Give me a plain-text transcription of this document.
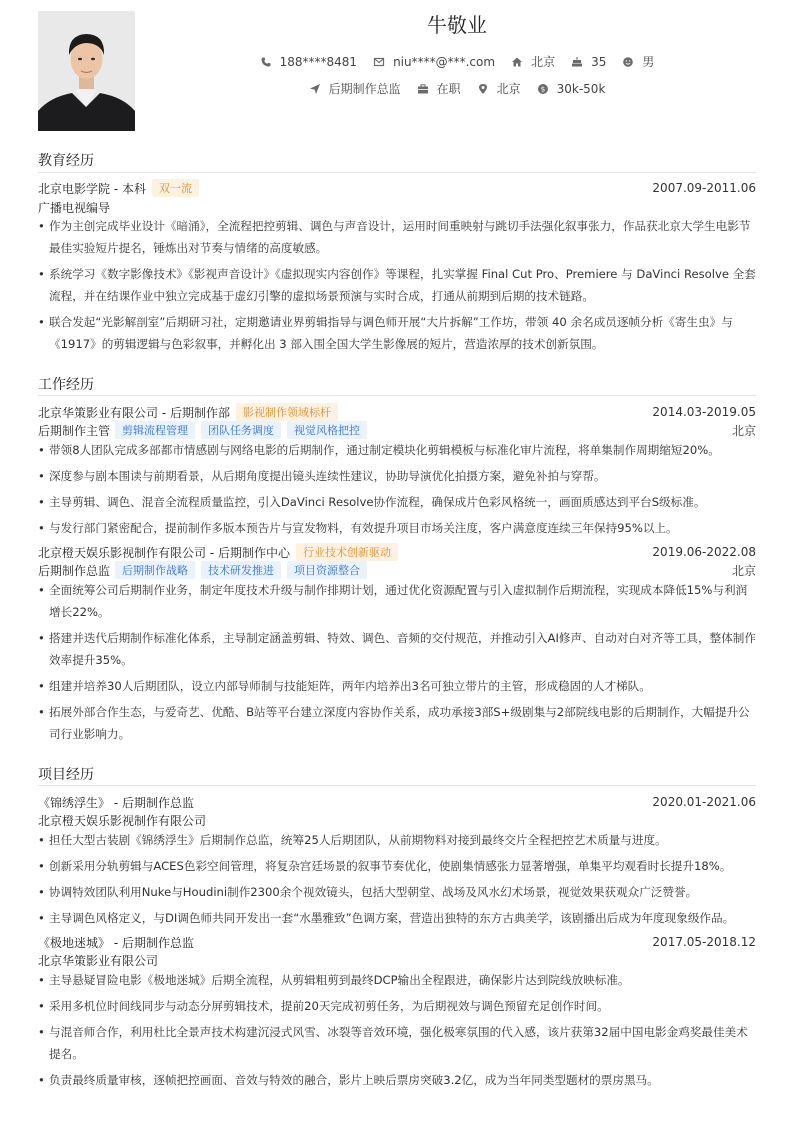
牛敬业
188****8481	niu****@***.com	北京	35	男
后期制作总监	在职	北京	$ 30k-50k
教育经历
北京电影学院 - 本科	双一流	2007.09-2011.06
广播电视编导
• 作为主创完成毕业设计《暗涌》，全流程把控剪辑、调色与声音设计，运用时间重映射与跳切手法强化叙事张力，作品获北京大学生电影节最佳实验短片提名，锤炼出对节奏与情绪的高度敏感。
• 系统学习《数字影像技术》《影视声音设计》《虚拟现实内容创作》等课程，扎实掌握 Final Cut Pro、Premiere 与 DaVinci Resolve 全套流程，并在结课作业中独立完成基于虚幻引擎的虚拟场景预演与实时合成，打通从前期到后期的技术链路。
• 联合发起“光影解剖室”后期研习社，定期邀请业界剪辑指导与调色师开展“大片拆解”工作坊，带领 40 余名成员逐帧分析《寄生虫》与《1917》的剪辑逻辑与色彩叙事，并孵化出 3 部入围全国大学生影像展的短片，营造浓厚的技术创新氛围。
工作经历
北京华策影业有限公司 - 后期制作部	影视制作领域标杆	2014.03-2019.05
后期制作主管	剪辑流程管理	团队任务调度	视觉风格把控	北京
• 带领8人团队完成多部都市情感剧与网络电影的后期制作，通过制定模块化剪辑模板与标准化审片流程，将单集制作周期缩短20%。
• 深度参与剧本围读与前期看景，从后期角度提出镜头连续性建议，协助导演优化拍摄方案，避免补拍与穿帮。
• 主导剪辑、调色、混音全流程质量监控，引入DaVinci Resolve协作流程，确保成片色彩风格统一，画面质感达到平台S级标准。
• 与发行部门紧密配合，提前制作多版本预告片与宣发物料，有效提升项目市场关注度，客户满意度连续三年保持95%以上。
北京橙天娱乐影视制作有限公司 - 后期制作中心	行业技术创新驱动	2019.06-2022.08
后期制作总监	后期制作战略	技术研发推进	项目资源整合	北京
• 全面统筹公司后期制作业务，制定年度技术升级与制作排期计划，通过优化资源配置与引入虚拟制作后期流程，实现成本降低15%与利润增长22%。
• 搭建并迭代后期制作标准化体系，主导制定涵盖剪辑、特效、调色、音频的交付规范，并推动引入AI修声、自动对白对齐等工具，整体制作效率提升35%。
• 组建并培养30人后期团队，设立内部导师制与技能矩阵，两年内培养出3名可独立带片的主管，形成稳固的人才梯队。
• 拓展外部合作生态，与爱奇艺、优酷、B站等平台建立深度内容协作关系，成功承接3部S+级剧集与2部院线电影的后期制作，大幅提升公司行业影响力。
项目经历
《锦绣浮生》 - 后期制作总监	2020.01-2021.06
北京橙天娱乐影视制作有限公司
• 担任大型古装剧《锦绣浮生》后期制作总监，统筹25人后期团队，从前期物料对接到最终交片全程把控艺术质量与进度。
• 创新采用分轨剪辑与ACES色彩空间管理，将复杂宫廷场景的叙事节奏优化，使剧集情感张力显著增强，单集平均观看时长提升18%。
• 协调特效团队利用Nuke与Houdini制作2300余个视效镜头，包括大型朝堂、战场及风水幻术场景，视觉效果获观众广泛赞誉。
• 主导调色风格定义，与DI调色师共同开发出一套“水墨雅致”色调方案，营造出独特的东方古典美学，该剧播出后成为年度现象级作品。
《极地迷城》 - 后期制作总监	2017.05-2018.12
北京华策影业有限公司
• 主导悬疑冒险电影《极地迷城》后期全流程，从剪辑粗剪到最终DCP输出全程跟进，确保影片达到院线放映标准。
• 采用多机位时间线同步与动态分屏剪辑技术，提前20天完成初剪任务，为后期视效与调色预留充足创作时间。
• 与混音师合作，利用杜比全景声技术构建沉浸式风雪、冰裂等音效环境，强化极寒氛围的代入感，该片获第32届中国电影金鸡奖最佳美术提名。
• 负责最终质量审核，逐帧把控画面、音效与特效的融合，影片上映后票房突破3.2亿，成为当年同类型题材的票房黑马。
